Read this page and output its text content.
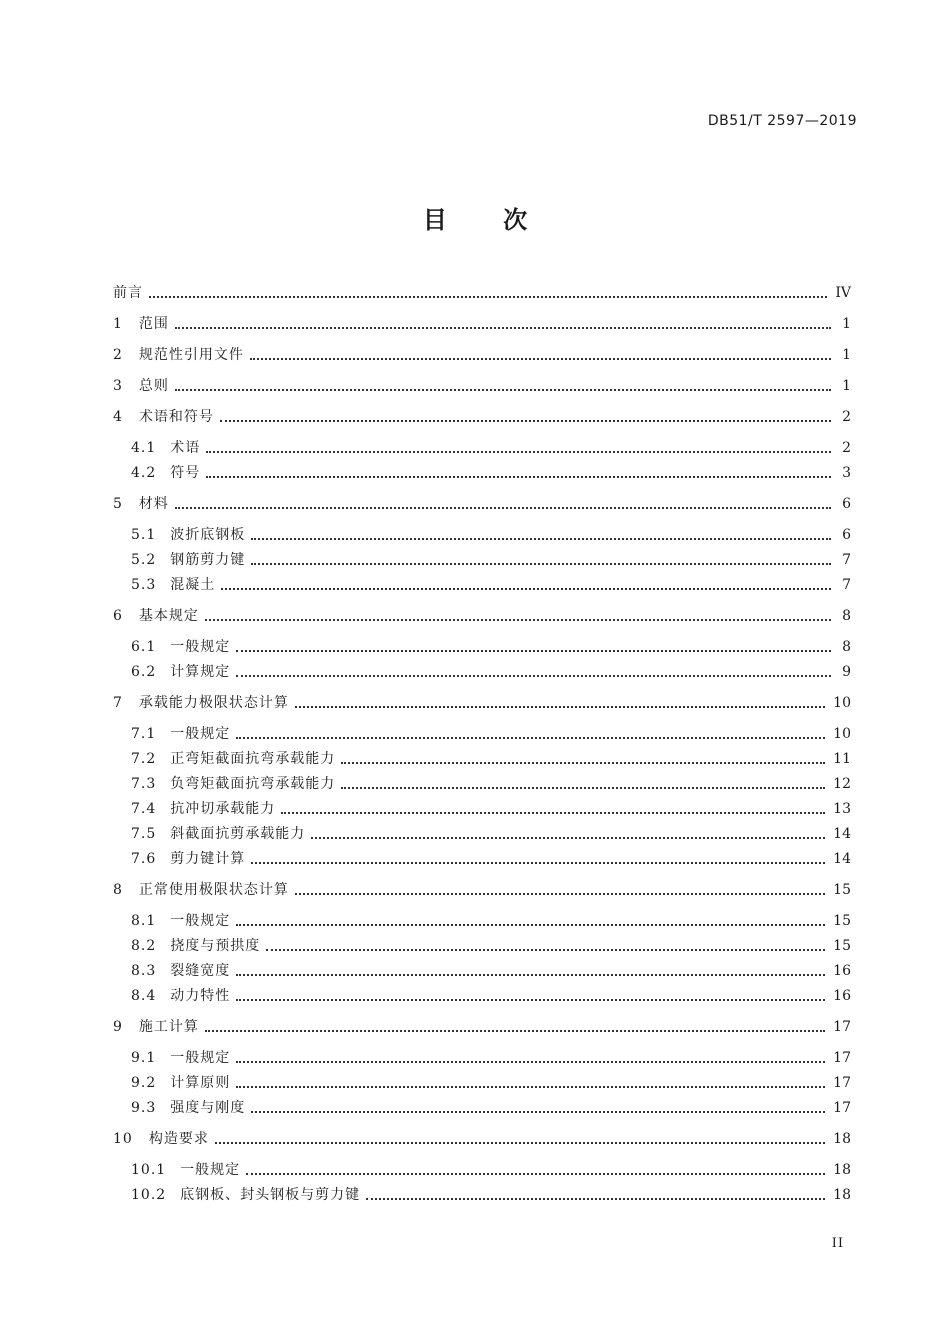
DB51/T 2597—2019
目 次
前言	IV
1 范围	1
2 规范性引用文件	1
3 总则	1
4 术语和符号	2
4.1 术语	2
4.2 符号	3
5 材料	6
5.1 波折底钢板	6
5.2 钢筋剪力键	7
5.3 混凝土	7
6 基本规定	8
6.1 一般规定	8
6.2 计算规定	9
7 承载能力极限状态计算	10
7.1 一般规定	10
7.2 正弯矩截面抗弯承载能力	11
7.3 负弯矩截面抗弯承载能力	12
7.4 抗冲切承载能力	13
7.5 斜截面抗剪承载能力	14
7.6 剪力键计算	14
8 正常使用极限状态计算	15
8.1 一般规定	15
8.2 挠度与预拱度	15
8.3 裂缝宽度	16
8.4 动力特性	16
9 施工计算	17
9.1 一般规定	17
9.2 计算原则	17
9.3 强度与刚度	17
10 构造要求	18
10.1 一般规定	18
10.2 底钢板、封头钢板与剪力键	18
II
